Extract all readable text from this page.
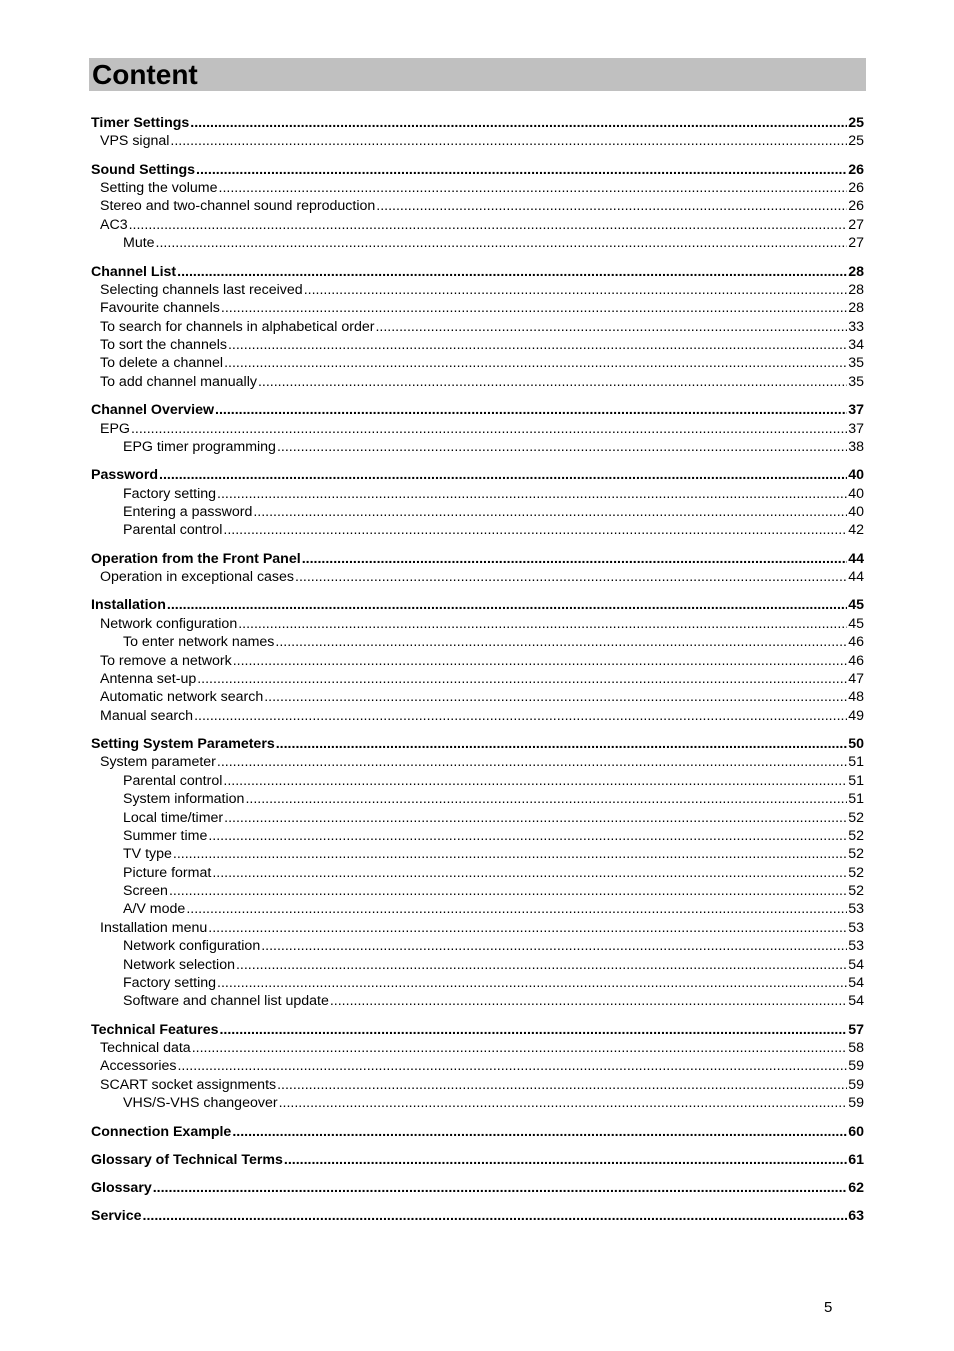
Content
Timer Settings .....	25
VPS signal .....	25
Sound Settings .....	26
Setting the volume .....	26
Stereo and two-channel sound reproduction .....	26
AC3 .....	27
Mute .....	27
Channel List .....	28
Selecting channels last received .....	28
Favourite channels .....	28
To search for channels in alphabetical order .....	33
To sort the channels .....	34
To delete a channel .....	35
To add channel manually .....	35
Channel Overview .....	37
EPG .....	37
EPG timer programming .....	38
Password .....	40
Factory setting .....	40
Entering a password .....	40
Parental control .....	42
Operation from the Front Panel .....	44
Operation in exceptional cases .....	44
Installation .....	45
Network configuration .....	45
To enter network names .....	46
To remove a network .....	46
Antenna set-up .....	47
Automatic network search .....	48
Manual search .....	49
Setting System Parameters .....	50
System parameter .....	51
Parental control .....	51
System information .....	51
Local time/timer .....	52
Summer time .....	52
TV type .....	52
Picture format .....	52
Screen .....	52
A/V mode .....	53
Installation menu .....	53
Network configuration .....	53
Network selection .....	54
Factory setting .....	54
Software and channel list update .....	54
Technical Features .....	57
Technical data .....	58
Accessories .....	59
SCART socket assignments .....	59
VHS/S-VHS changeover .....	59
Connection Example .....	60
Glossary of Technical Terms .....	61
Glossary .....	62
Service .....	63
5
